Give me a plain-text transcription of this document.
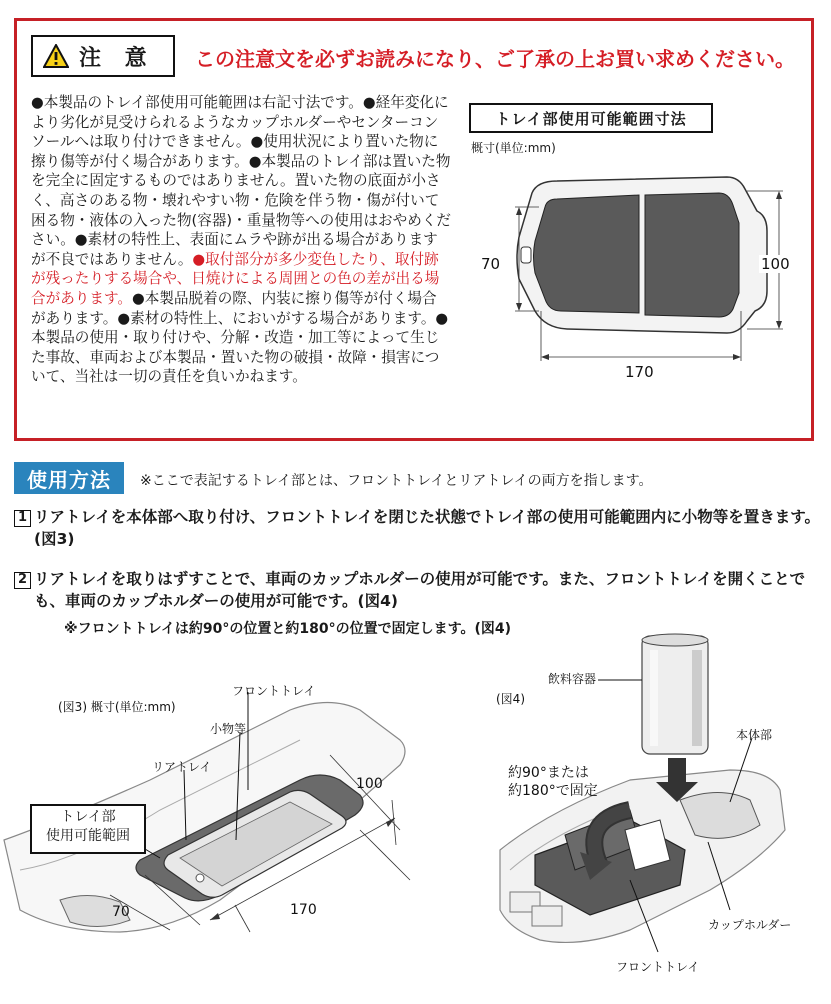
注 意 この注意文を必ずお読みになり、ご了承の上お買い求めください。

●本製品のトレイ部使用可能範囲は右記寸法です。●経年変化により劣化が見受けられるようなカップホルダーやセンターコンソールへは取り付けできません。●使用状況により置いた物に擦り傷等が付く場合があります。●本製品のトレイ部は置いた物を完全に固定するものではありません。置いた物の底面が小さく、高さのある物・壊れやすい物・危険を伴う物・傷が付いて困る物・液体の入った物(容器)・重量物等への使用はおやめください。●素材の特性上、表面にムラや跡が出る場合がありますが不良ではありません。●取付部分が多少変色したり、取付跡が残ったりする場合や、日焼けによる周囲との色の差が出る場合があります。●本製品脱着の際、内装に擦り傷等が付く場合があります。●素材の特性上、においがする場合があります。●本製品の使用・取り付けや、分解・改造・加工等によって生じた事故、車両および本製品・置いた物の破損・故障・損害について、当社は一切の責任を負いかねます。

トレイ部使用可能範囲寸法
概寸(単位:mm)
70	100
170
使用方法	※ここで表記するトレイ部とは、フロントトレイとリアトレイの両方を指します。
1 リアトレイを本体部へ取り付け、フロントトレイを閉じた状態でトレイ部の使用可能範囲内に小物等を置きます。(図3)
2 リアトレイを取りはずすことで、車両のカップホルダーの使用が可能です。また、フロントトレイを開くことでも、車両のカップホルダーの使用が可能です。(図4)
※フロントトレイは約90°の位置と約180°の位置で固定します。(図4)
(図3) 概寸(単位:mm)
フロントトレイ
小物等
リアトレイ
トレイ部
使用可能範囲
100
170
70
(図4)
飲料容器
本体部
約90°または
約180°で固定
カップホルダー
フロントトレイ
